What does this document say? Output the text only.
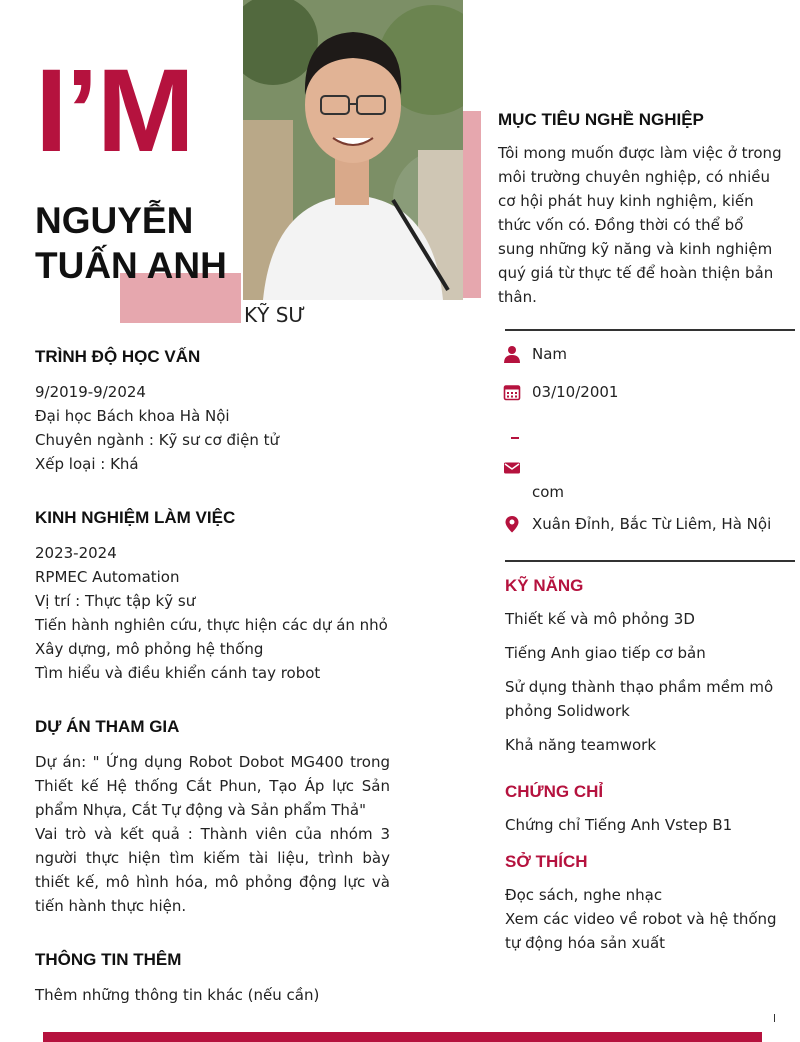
I’M
NGUYỄN
TUẤN ANH
KỸ SƯ
TRÌNH ĐỘ HỌC VẤN
9/2019-9/2024
Đại học Bách khoa Hà Nội
Chuyên ngành : Kỹ sư cơ điện tử
Xếp loại : Khá
KINH NGHIỆM LÀM VIỆC
2023-2024
RPMEC Automation
Vị trí : Thực tập kỹ sư
Tiến hành nghiên cứu, thực hiện các dự án nhỏ
Xây dựng, mô phỏng hệ thống
Tìm hiểu và điều khiển cánh tay robot
DỰ ÁN THAM GIA
Dự án: " Ứng dụng Robot Dobot MG400 trong Thiết kế Hệ thống Cắt Phun, Tạo Áp lực Sản phẩm Nhựa, Cắt Tự động và Sản phẩm Thả"
Vai trò và kết quả : Thành viên của nhóm 3 người thực hiện tìm kiếm tài liệu, trình bày thiết kế, mô hình hóa, mô phỏng động lực và tiến hành thực hiện.
THÔNG TIN THÊM
Thêm những thông tin khác (nếu cần)
MỤC TIÊU NGHỀ NGHIỆP
Tôi mong muốn được làm việc ở trong môi trường chuyên nghiệp, có nhiều cơ hội phát huy kinh nghiệm, kiến thức vốn có. Đồng thời có thể bổ sung những kỹ năng và kinh nghiệm quý giá từ thực tế để hoàn thiện bản thân.
Nam
03/10/2001
com
Xuân Đỉnh, Bắc Từ Liêm, Hà Nội
KỸ NĂNG
Thiết kế và mô phỏng 3D
Tiếng Anh giao tiếp cơ bản
Sử dụng thành thạo phầm mềm mô phỏng Solidwork
Khả năng teamwork
CHỨNG CHỈ
Chứng chỉ Tiếng Anh Vstep B1
SỞ THÍCH
Đọc sách, nghe nhạc
Xem các video về robot và hệ thống tự động hóa sản xuất
